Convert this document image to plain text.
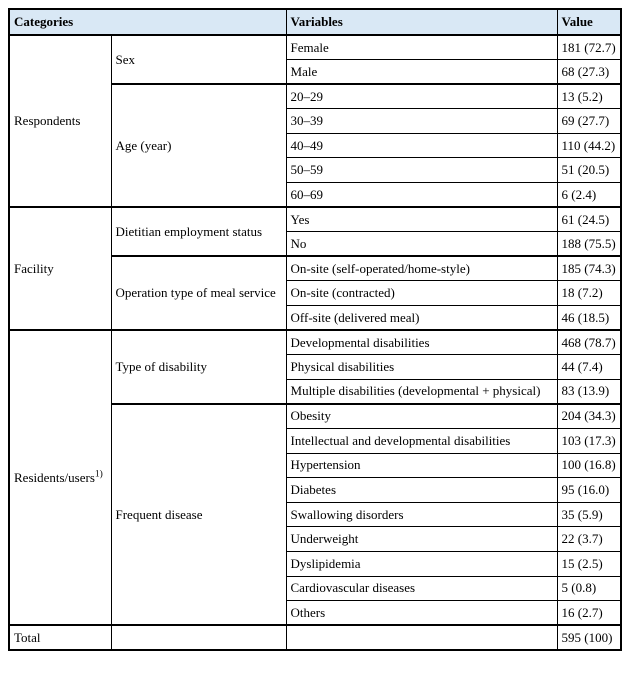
Categories		Variables	Value
Respondents	Sex	Female	181 (72.7)
		Male	68 (27.3)
	Age (year)	20–29	13 (5.2)
		30–39	69 (27.7)
		40–49	110 (44.2)
		50–59	51 (20.5)
		60–69	6 (2.4)
Facility	Dietitian employment status	Yes	61 (24.5)
		No	188 (75.5)
	Operation type of meal service	On-site (self-operated/home-style)	185 (74.3)
		On-site (contracted)	18 (7.2)
		Off-site (delivered meal)	46 (18.5)
Residents/users$^{1)}$	Type of disability	Developmental disabilities	468 (78.7)
		Physical disabilities	44 (7.4)
		Multiple disabilities (developmental + physical)	83 (13.9)
	Frequent disease	Obesity	204 (34.3)
		Intellectual and developmental disabilities	103 (17.3)
		Hypertension	100 (16.8)
		Diabetes	95 (16.0)
		Swallowing disorders	35 (5.9)
		Underweight	22 (3.7)
		Dyslipidemia	15 (2.5)
		Cardiovascular diseases	5 (0.8)
		Others	16 (2.7)
Total			595 (100)
